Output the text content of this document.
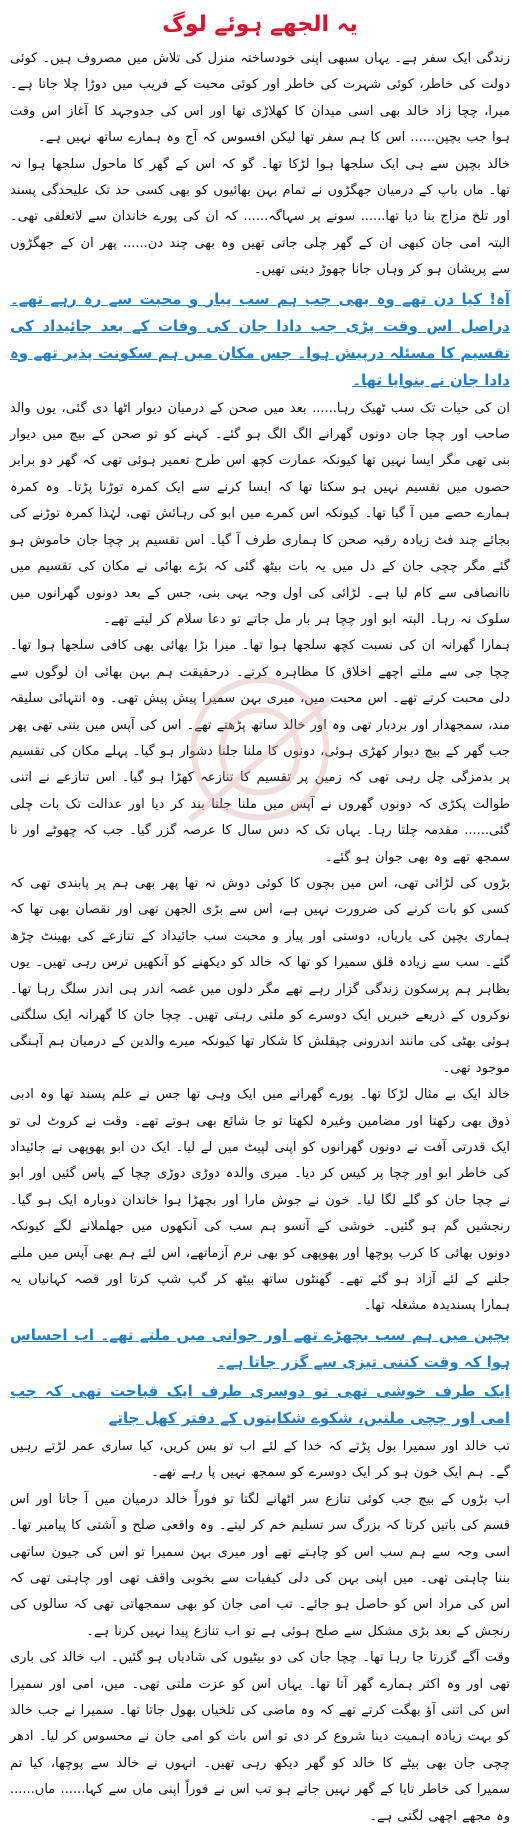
یہ الجھے ہوئے لوگ

زندگی ایک سفر ہے۔ یہاں سبھی اپنی خودساختہ منزل کی تلاش میں مصروف ہیں۔ کوئی دولت کی خاطر، کوئی شہرت کی خاطر اور کوئی محبت کے فریب میں دوڑا چلا جاتا ہے۔ میرا، چچا زاد خالد بھی اسی میدان کا کھلاڑی تھا اور اس کی جدوجہد کا آغاز اس وقت ہوا جب بچپن...... اس کا ہم سفر تھا لیکن افسوس کہ آج وہ ہمارے ساتھ نہیں ہے۔

خالد بچپن سے ہی ایک سلجھا ہوا لڑکا تھا۔ گو کہ اس کے گھر کا ماحول سلجھا ہوا نہ تھا۔ ماں باپ کے درمیان جھگڑوں نے تمام بہن بھائیوں کو بھی کسی حد تک علیحدگی پسند اور تلخ مزاج بنا دیا تھا...... سونے پر سہاگہ...... کہ ان کی پورے خاندان سے لاتعلقی تھی۔ البتہ امی جان کبھی ان کے گھر چلی جاتی تھیں وہ بھی چند دن...... پھر ان کے جھگڑوں سے پریشان ہو کر وہاں جانا چھوڑ دیتی تھیں۔

آہ! کیا دن تھے وہ بھی جب ہم سب پیار و محبت سے رہ رہے تھے۔ دراصل اس وقت پڑی جب دادا جان کی وفات کے بعد جائیداد کی تقسیم کا مسئلہ درپیش ہوا۔ جس مکان میں ہم سکونت پذیر تھے وہ دادا جان نے بنوایا تھا۔

ان کی حیات تک سب ٹھیک رہا...... بعد میں صحن کے درمیان دیوار اٹھا دی گئی، یوں والد صاحب اور چچا جان دونوں گھرانے الگ الگ ہو گئے۔ کہنے کو تو صحن کے بیچ میں دیوار بنی تھی مگر ایسا نہیں تھا کیونکہ عمارت کچھ اس طرح تعمیر ہوئی تھی کہ گھر دو برابر حصوں میں تقسیم نہیں ہو سکتا تھا کہ ایسا کرنے سے ایک کمرہ توڑنا پڑتا۔ وہ کمرہ ہمارے حصے میں آ گیا تھا۔ کیونکہ اس کمرے میں ابو کی رہائش تھی، لہٰذا کمرہ توڑنے کی بجائے چند فٹ زیادہ رقبہ صحن کا ہماری طرف آ گیا۔ اس تقسیم پر چچا جان خاموش ہو گئے مگر چچی جان کے دل میں یہ بات بیٹھ گئی کہ بڑے بھائی نے مکان کی تقسیم میں ناانصافی سے کام لیا ہے۔ لڑائی کی اول وجہ یہی بنی، جس کے بعد دونوں گھرانوں میں سلوک نہ رہا۔ البتہ ابو اور چچا ہر بار مل جاتے تو دعا سلام کر لیتے تھے۔

ہمارا گھرانہ ان کی نسبت کچھ سلجھا ہوا تھا۔ میرا بڑا بھائی بھی کافی سلجھا ہوا تھا۔ چچا جی سے ملتے اچھے اخلاق کا مظاہرہ کرتے۔ درحقیقت ہم بہن بھائی ان لوگوں سے دلی محبت کرتے تھے۔ اس محبت میں، میری بہن سمیرا پیش پیش تھی۔ وہ انتہائی سلیقہ مند، سمجھدار اور بردبار تھی وہ اور خالد ساتھ پڑھتے تھے۔ اس کی آپس میں بنتی تھی پھر جب گھر کے بیچ دیوار کھڑی ہوئی، دونوں کا ملنا جلنا دشوار ہو گیا۔ پہلے مکان کی تقسیم پر بدمزگی چل رہی تھی کہ زمین پر تقسیم کا تنازعہ کھڑا ہو گیا۔ اس تنازعے نے اتنی طوالت پکڑی کہ دونوں گھروں نے آپس میں ملنا جلنا بند کر دیا اور عدالت تک بات چلی گئی...... مقدمہ چلتا رہا۔ یہاں تک کہ دس سال کا عرصہ گزر گیا۔ جب کہ چھوٹے اور نا سمجھ تھے وہ بھی جوان ہو گئے۔

بڑوں کی لڑائی تھی، اس میں بچوں کا کوئی دوش نہ تھا پھر بھی ہم پر پابندی تھی کہ کسی کو بات کرنے کی ضرورت نہیں ہے، اس سے بڑی الجھن تھی اور نقصان بھی تھا کہ ہماری بچپن کی یاریاں، دوستی اور پیار و محبت سب جائیداد کے تنازعے کی بھینٹ چڑھ گئے۔ سب سے زیادہ قلق سمیرا کو تھا کہ خالد کو دیکھنے کو آنکھیں ترس رہی تھیں۔ یوں بظاہر ہم پرسکون زندگی گزار رہے تھے مگر دلوں میں غصہ اندر ہی اندر سلگ رہا تھا۔ نوکروں کے ذریعے خبریں ایک دوسرے کو ملتی رہتی تھیں۔ چچا جان کا گھرانہ ایک سلگتی ہوئی بھٹی کی مانند اندرونی چپقلش کا شکار تھا کیونکہ میرے والدین کے درمیان ہم آہنگی موجود تھی۔

خالد ایک بے مثال لڑکا تھا۔ پورے گھرانے میں ایک وہی تھا جس نے علم پسند تھا وہ ادبی ذوق بھی رکھتا اور مضامین وغیرہ لکھتا تو جا شائع بھی ہوتے تھے۔ وقت نے کروٹ لی تو ایک قدرتی آفت نے دونوں گھرانوں کو اپنی لپیٹ میں لے لیا۔ ایک دن ابو پھوپھی نے جائیداد کی خاطر ابو اور چچا پر کیس کر دیا۔ میری والدہ دوڑی دوڑی چچا کے پاس گئیں اور ابو نے چچا جان کو گلے لگا لیا۔ خون نے جوش مارا اور بچھڑا ہوا خاندان دوبارہ ایک ہو گیا۔ رنجشیں گم ہو گئیں۔ خوشی کے آنسو ہم سب کی آنکھوں میں جھلملانے لگے کیونکہ دونوں بھائی کا کرب پوچھا اور پھوپھی کو بھی نرم آزماتھے، اس لئے ہم بھی آپس میں ملنے جلنے کے لئے آزاد ہو گئے تھے۔ گھنٹوں ساتھ بیٹھ کر گپ شپ کرتا اور قصہ کہانیاں یہ ہمارا پسندیدہ مشغلہ تھا۔

بچپن میں ہم سب بچھڑے تھے اور جوانی میں ملتے تھے۔ اب احساس ہوا کہ وقت کتنی تیزی سے گزر جاتا ہے۔

ایک طرف خوشی تھی تو دوسری طرف ایک قباحت تھی کہ جب امی اور چچی ملتیں، شکوے شکایتوں کے دفتر کھل جاتے

تب خالد اور سمیرا بول پڑتے کہ خدا کے لئے اب تو بس کریں، کیا ساری عمر لڑتے رہیں گے۔ ہم ایک خون ہو کر ایک دوسرے کو سمجھ نہیں پا رہے تھے۔

اب بڑوں کے بیچ جب کوئی تنازع سر اٹھانے لگتا تو فوراً خالد درمیان میں آ جاتا اور اس قسم کی باتیں کرتا کہ بزرگ سر تسلیم خم کر لیتے۔ وہ واقعی صلح و آشتی کا پیامبر تھا۔ اسی وجہ سے ہم سب اس کو چاہتے تھے اور میری بہن سمیرا تو اس کی جیون ساتھی بننا چاہتی تھی۔ میں اپنی بہن کی دلی کیفیات سے بخوبی واقف تھی اور چاہتی تھی کہ اس کی مراد اس کو حاصل ہو جائے۔ تب امی جان کو بھی سمجھاتی تھی کہ سالوں کی رنجش کے بعد بڑی مشکل سے صلح ہوئی ہے تو اب تنازع پیدا نہیں کرنا ہے۔

وقت آگے گزرتا جا رہا تھا۔ چچا جان کی دو بیٹیوں کی شادیاں ہو گئیں۔ اب خالد کی باری تھی اور وہ اکثر ہمارے گھر آتا تھا۔ یہاں اس کو عزت ملتی تھی۔ میں، امی اور سمیرا اس کی اتنی آؤ بھگت کرتے تھے کہ وہ ماضی کی تلخیاں بھول جاتا تھا۔ سمیرا نے جب خالد کو بہت زیادہ اہمیت دینا شروع کر دی تو اس بات کو امی جان نے محسوس کر لیا۔ ادھر چچی جان بھی بیٹے کا خالد کو گھر دیکھ رہی تھیں۔ انہوں نے خالد سے پوچھا، کیا تم سمیرا کی خاطر تایا کے گھر نہیں جاتے ہو تب اس نے فوراً اپنی ماں سے کہا...... ماں...... وہ مجھے اچھی لگتی ہے۔
